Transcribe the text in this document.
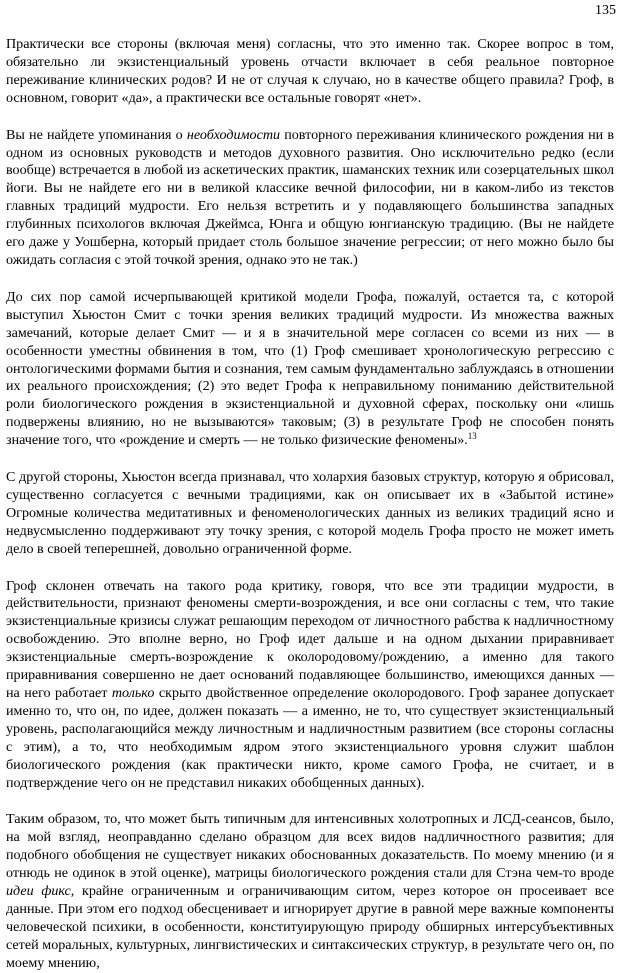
135

Практически все стороны (включая меня) согласны, что это именно так. Скорее вопрос в том, обязательно ли экзистенциальный уровень отчасти включает в себя реальное повторное переживание клинических родов? И не от случая к случаю, но в качестве общего правила? Гроф, в основном, говорит «да», а практически все остальные говорят «нет».

Вы не найдете упоминания о необходимости повторного переживания клинического рождения ни в одном из основных руководств и методов духовного развития. Оно исключительно редко (если вообще) встречается в любой из аскетических практик, шаманских техник или созерцательных школ йоги. Вы не найдете его ни в великой классике вечной философии, ни в каком-либо из текстов главных традиций мудрости. Его нельзя встретить и у подавляющего большинства западных глубинных психологов включая Джеймса, Юнга и общую юнгианскую традицию. (Вы не найдете его даже у Уошберна, который придает столь большое значение регрессии; от него можно было бы ожидать согласия с этой точкой зрения, однако это не так.)

До сих пор самой исчерпывающей критикой модели Грофа, пожалуй, остается та, с которой выступил Хьюстон Смит с точки зрения великих традиций мудрости. Из множества важных замечаний, которые делает Смит — и я в значительной мере согласен со всеми из них — в особенности уместны обвинения в том, что (1) Гроф смешивает хронологическую регрессию с онтологическими формами бытия и сознания, тем самым фундаментально заблуждаясь в отношении их реального происхождения; (2) это ведет Грофа к неправильному пониманию действительной роли биологического рождения в экзистенциальной и духовной сферах, поскольку они «лишь подвержены влиянию, но не вызываются» таковым; (3) в результате Гроф не способен понять значение того, что «рождение и смерть — не только физические феномены».$^{13}$

С другой стороны, Хьюстон всегда признавал, что холархия базовых структур, которую я обрисовал, существенно согласуется с вечными традициями, как он описывает их в «Забытой истине» Огромные количества медитативных и феноменологических данных из великих традиций ясно и недвусмысленно поддерживают эту точку зрения, с которой модель Грофа просто не может иметь дело в своей теперешней, довольно ограниченной форме.

Гроф склонен отвечать на такого рода критику, говоря, что все эти традиции мудрости, в действительности, признают феномены смерти-возрождения, и все они согласны с тем, что такие экзистенциальные кризисы служат решающим переходом от личностного рабства к надличностному освобождению. Это вполне верно, но Гроф идет дальше и на одном дыхании приравнивает экзистенциальные смерть-возрождение к околородовому/рождению, а именно для такого приравнивания совершенно не дает оснований подавляющее большинство, имеющихся данных — на него работает только скрыто двойственное определение околородового. Гроф заранее допускает именно то, что он, по идее, должен показать — а именно, не то, что существует экзистенциальный уровень, располагающийся между личностным и надличностным развитием (все стороны согласны с этим), а то, что необходимым ядром этого экзистенциального уровня служит шаблон биологического рождения (как практически никто, кроме самого Грофа, не считает, и в подтверждение чего он не представил никаких обобщенных данных).

Таким образом, то, что может быть типичным для интенсивных холотропных и ЛСД-сеансов, было, на мой взгляд, неоправданно сделано образцом для всех видов надличностного развития; для подобного обобщения не существует никаких обоснованных доказательств. По моему мнению (и я отнюдь не одинок в этой оценке), матрицы биологического рождения стали для Стэна чем-то вроде идеи фикс, крайне ограниченным и ограничивающим ситом, через которое он просеивает все данные. При этом его подход обесценивает и игнорирует другие в равной мере важные компоненты человеческой психики, в особенности, конституирующую природу обширных интерсубъективных сетей моральных, культурных, лингвистических и синтаксических структур, в результате чего он, по моему мнению,
